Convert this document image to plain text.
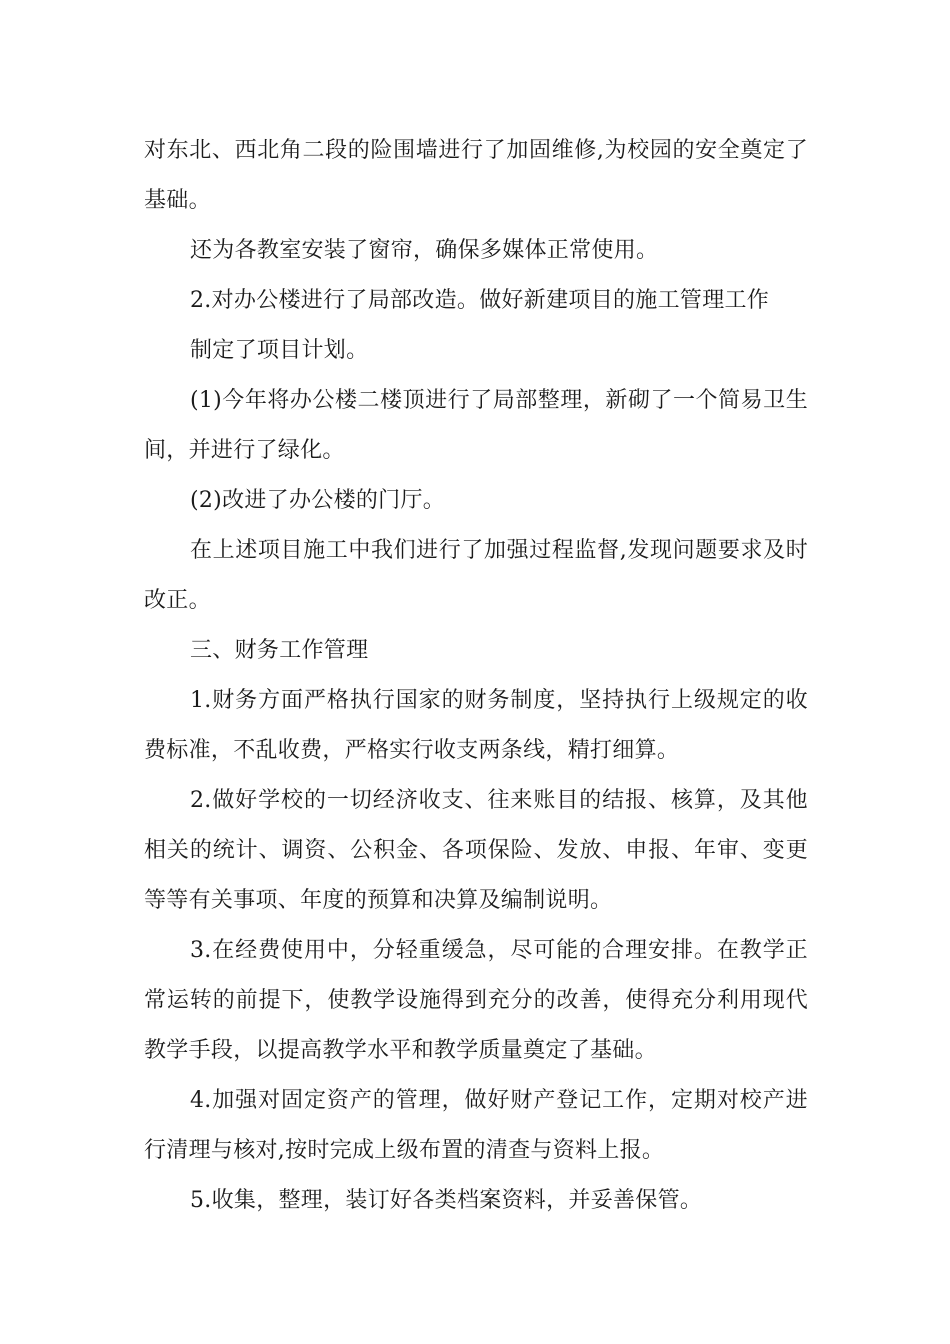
对东北、西北角二段的险围墙进行了加固维修,为校园的安全奠定了基础。

还为各教室安装了窗帘，确保多媒体正常使用。

2.对办公楼进行了局部改造。做好新建项目的施工管理工作

制定了项目计划。

(1)今年将办公楼二楼顶进行了局部整理，新砌了一个简易卫生间，并进行了绿化。

(2)改进了办公楼的门厅。

在上述项目施工中我们进行了加强过程监督,发现问题要求及时改正。

三、财务工作管理

1.财务方面严格执行国家的财务制度，坚持执行上级规定的收费标准，不乱收费，严格实行收支两条线，精打细算。

2.做好学校的一切经济收支、往来账目的结报、核算，及其他相关的统计、调资、公积金、各项保险、发放、申报、年审、变更等等有关事项、年度的预算和决算及编制说明。

3.在经费使用中，分轻重缓急，尽可能的合理安排。在教学正常运转的前提下，使教学设施得到充分的改善，使得充分利用现代教学手段，以提高教学水平和教学质量奠定了基础。

4.加强对固定资产的管理，做好财产登记工作，定期对校产进行清理与核对,按时完成上级布置的清查与资料上报。

5.收集，整理，装订好各类档案资料，并妥善保管。
